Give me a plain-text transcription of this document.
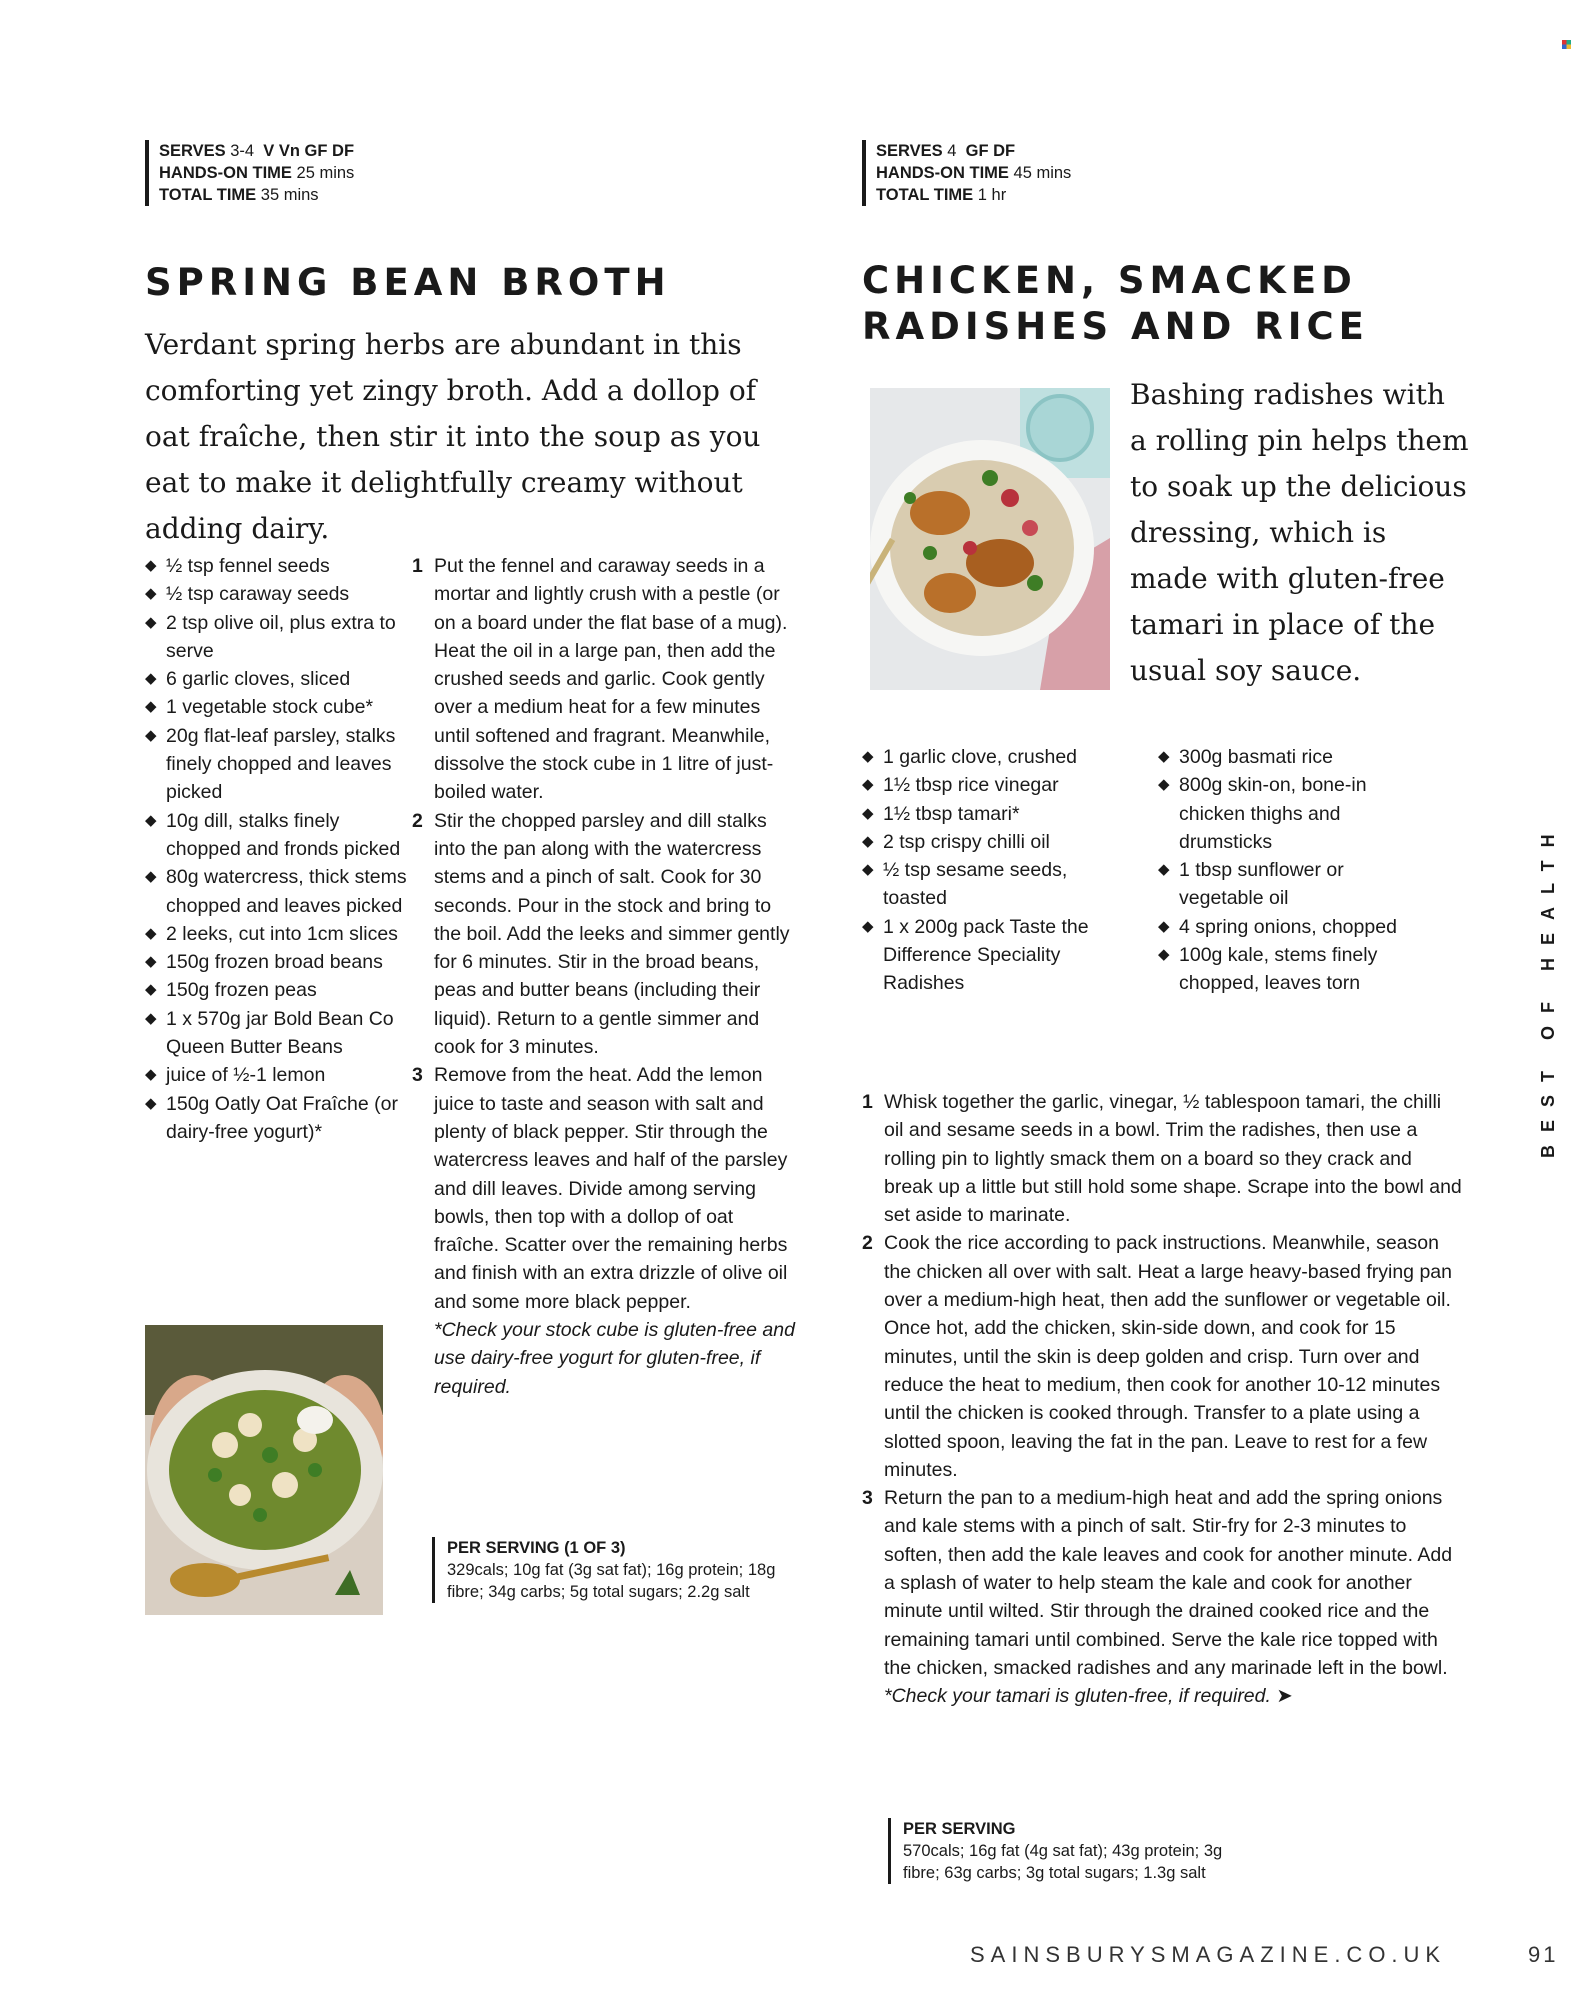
SERVES 3-4 V Vn GF DF
HANDS-ON TIME 25 mins
TOTAL TIME 35 mins
SPRING BEAN BROTH

Verdant spring herbs are abundant in this comforting yet zingy broth. Add a dollop of oat fraîche, then stir it into the soup as you eat to make it delightfully creamy without adding dairy.

◆ ½ tsp fennel seeds
◆ ½ tsp caraway seeds
◆ 2 tsp olive oil, plus extra to serve
◆ 6 garlic cloves, sliced
◆ 1 vegetable stock cube*
◆ 20g flat-leaf parsley, stalks finely chopped and leaves picked
◆ 10g dill, stalks finely chopped and fronds picked
◆ 80g watercress, thick stems chopped and leaves picked
◆ 2 leeks, cut into 1cm slices
◆ 150g frozen broad beans
◆ 150g frozen peas
◆ 1 x 570g jar Bold Bean Co Queen Butter Beans
◆ juice of ½-1 lemon
◆ 150g Oatly Oat Fraîche (or dairy-free yogurt)*
1 Put the fennel and caraway seeds in a mortar and lightly crush with a pestle (or on a board under the flat base of a mug). Heat the oil in a large pan, then add the crushed seeds and garlic. Cook gently over a medium heat for a few minutes until softened and fragrant. Meanwhile, dissolve the stock cube in 1 litre of just-boiled water.
2 Stir the chopped parsley and dill stalks into the pan along with the watercress stems and a pinch of salt. Cook for 30 seconds. Pour in the stock and bring to the boil. Add the leeks and simmer gently for 6 minutes. Stir in the broad beans, peas and butter beans (including their liquid). Return to a gentle simmer and cook for 3 minutes.
3 Remove from the heat. Add the lemon juice to taste and season with salt and plenty of black pepper. Stir through the watercress leaves and half of the parsley and dill leaves. Divide among serving bowls, then top with a dollop of oat fraîche. Scatter over the remaining herbs and finish with an extra drizzle of olive oil and some more black pepper.
*Check your stock cube is gluten-free and use dairy-free yogurt for gluten-free, if required.
PER SERVING (1 OF 3)
329cals; 10g fat (3g sat fat); 16g protein; 18g fibre; 34g carbs; 5g total sugars; 2.2g salt
SERVES 4 GF DF
HANDS-ON TIME 45 mins
TOTAL TIME 1 hr
CHICKEN, SMACKED
RADISHES AND RICE

Bashing radishes with a rolling pin helps them to soak up the delicious dressing, which is made with gluten-free tamari in place of the usual soy sauce.

◆ 1 garlic clove, crushed
◆ 1½ tbsp rice vinegar
◆ 1½ tbsp tamari*
◆ 2 tsp crispy chilli oil
◆ ½ tsp sesame seeds, toasted
◆ 1 x 200g pack Taste the Difference Speciality Radishes
◆ 300g basmati rice
◆ 800g skin-on, bone-in chicken thighs and drumsticks
◆ 1 tbsp sunflower or vegetable oil
◆ 4 spring onions, chopped
◆ 100g kale, stems finely chopped, leaves torn
1 Whisk together the garlic, vinegar, ½ tablespoon tamari, the chilli oil and sesame seeds in a bowl. Trim the radishes, then use a rolling pin to lightly smack them on a board so they crack and break up a little but still hold some shape. Scrape into the bowl and set aside to marinate.
2 Cook the rice according to pack instructions. Meanwhile, season the chicken all over with salt. Heat a large heavy-based frying pan over a medium-high heat, then add the sunflower or vegetable oil. Once hot, add the chicken, skin-side down, and cook for 15 minutes, until the skin is deep golden and crisp. Turn over and reduce the heat to medium, then cook for another 10-12 minutes until the chicken is cooked through. Transfer to a plate using a slotted spoon, leaving the fat in the pan. Leave to rest for a few minutes.
3 Return the pan to a medium-high heat and add the spring onions and kale stems with a pinch of salt. Stir-fry for 2-3 minutes to soften, then add the kale leaves and cook for another minute. Add a splash of water to help steam the kale and cook for another minute until wilted. Stir through the drained cooked rice and the remaining tamari until combined. Serve the kale rice topped with the chicken, smacked radishes and any marinade left in the bowl.
*Check your tamari is gluten-free, if required. ➤
PER SERVING
570cals; 16g fat (4g sat fat); 43g protein; 3g fibre; 63g carbs; 3g total sugars; 1.3g salt
BEST OF HEALTH
SAINSBURYSMAGAZINE.CO.UK	91
